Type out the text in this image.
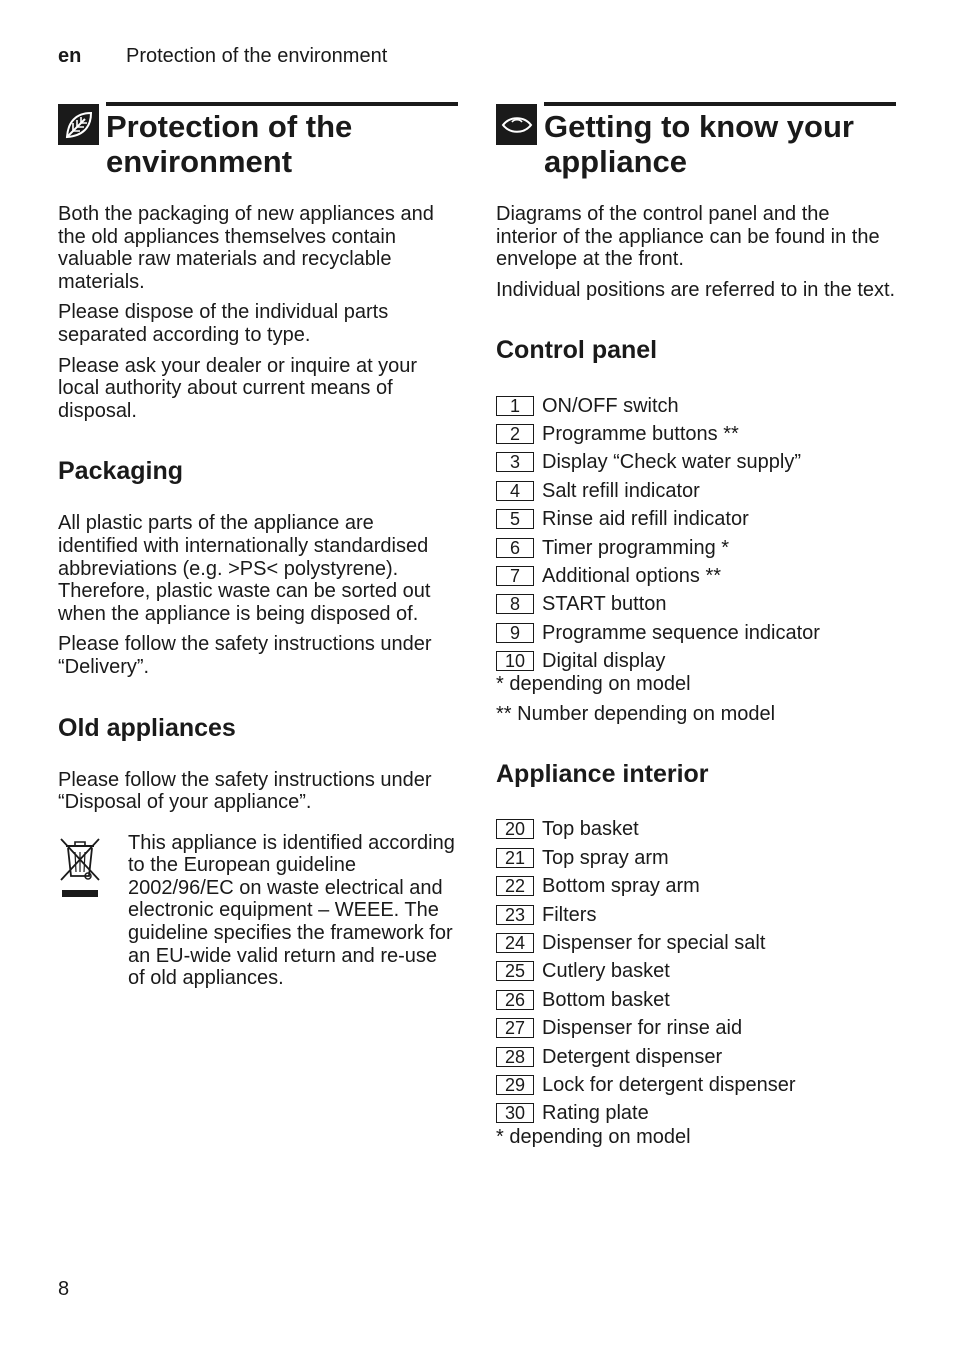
en Protection of the environment
Protection of the environment

Both the packaging of new appliances and the old appliances themselves contain valuable raw materials and recyclable materials.

Please dispose of the individual parts separated according to type.

Please ask your dealer or inquire at your local authority about current means of disposal.

Packaging

All plastic parts of the appliance are identified with internationally standardised abbreviations (e.g. >PS< polystyrene). Therefore, plastic waste can be sorted out when the appliance is being disposed of.

Please follow the safety instructions under “Delivery”.

Old appliances

Please follow the safety instructions under “Disposal of your appliance”.

This appliance is identified according to the European guideline 2002/96/EC on waste electrical and electronic equipment – WEEE. The guideline specifies the framework for an EU-wide valid return and re-use of old appliances.

Getting to know your appliance

Diagrams of the control panel and the interior of the appliance can be found in the envelope at the front.

Individual positions are referred to in the text.

Control panel
1	ON/OFF switch
2	Programme buttons **
3	Display “Check water supply”
4	Salt refill indicator
5	Rinse aid refill indicator
6	Timer programming *
7	Additional options **
8	START button
9	Programme sequence indicator
10 Digital display

* depending on model

** Number depending on model

Appliance interior
20 Top basket
21 Top spray arm
22 Bottom spray arm
23 Filters
24 Dispenser for special salt
25 Cutlery basket
26 Bottom basket
27 Dispenser for rinse aid
28 Detergent dispenser
29 Lock for detergent dispenser
30 Rating plate

* depending on model

8
